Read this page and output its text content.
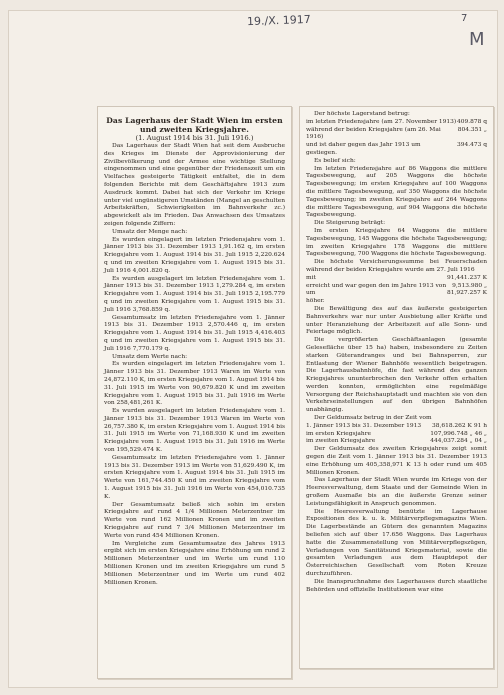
19./X. 1917	7
M
Das Lagerhaus der Stadt Wien im ersten und zweiten Kriegsjahre.
(1. August 1914 bis 31. Juli 1916.)

Das Lagerhaus der Stadt Wien hat seit dem Ausbruche des Krieges im Dienste der Approvisionierung der Zivilbevölkerung und der Armee eine wichtige Stellung eingenommen und eine gegenüber der Friedenszeit um ein Vielfaches gesteigerte Tätigkeit entfaltet, die in dem folgenden Berichte mit dem Geschäftsjahre 1913 zum Ausdruck kommt. Dabei hat sich der Verkehr im Kriege unter viel ungünstigeren Umständen (Mangel an geschulten Arbeitskräften, Schwierigkeiten im Bahnverkehr zc.) abgewickelt als im Frieden. Das Anwachsen des Umsatzes zeigen folgende Ziffern:

Umsatz der Menge nach:

Es wurden eingelagert im letzten Friedensjahre vom 1. Jänner 1913 bis 31. Dezember 1913 1,91.162 q, im ersten Kriegsjahre vom 1. August 1914 bis 31. Juli 1915 2,220.624 q und im zweiten Kriegsjahre vom 1. August 1915 bis 31. Juli 1916 4,001.820 q.

Es wurden ausgelagert im letzten Friedensjahre vom 1. Jänner 1913 bis 31. Dezember 1913 1,279.284 q, im ersten Kriegsjahre vom 1. August 1914 bis 31. Juli 1915 2,195.779 q und im zweiten Kriegsjahre vom 1. August 1915 bis 31. Juli 1916 3,768.859 q.

Gesamtumsatz im letzten Friedensjahre vom 1. Jänner 1913 bis 31. Dezember 1913 2,570.446 q, im ersten Kriegsjahre vom 1. August 1914 bis 31. Juli 1915 4,416.403 q und im zweiten Kriegsjahre vom 1. August 1915 bis 31. Juli 1916 7,770.179 q.

Umsatz dem Werte nach:

Es wurden eingelagert im letzten Friedensjahre vom 1. Jänner 1913 bis 31. Dezember 1913 Waren im Werte von 24,872.110 K, im ersten Kriegsjahre vom 1. August 1914 bis 31. Juli 1915 im Werte von 90,679.820 K und im zweiten Kriegsjahre vom 1. August 1915 bis 31. Juli 1916 im Werte von 258,481,261 K.

Es wurden ausgelagert im letzten Friedensjahre vom 1. Jänner 1913 bis 31. Dezember 1913 Waren im Werte von 26,757.380 K, im ersten Kriegsjahre vom 1. August 1914 bis 31. Juli 1915 im Werte von 71,168.930 K und im zweiten Kriegsjahre vom 1. August 1915 bis 31. Juli 1916 im Werte von 195,529.474 K.

Gesamtumsatz im letzten Friedensjahre vom 1. Jänner 1913 bis 31. Dezember 1913 im Werte von 51,629.490 K, im ersten Kriegsjahre vom 1. August 1914 bis 31. Juli 1915 im Werte von 161,744.450 K und im zweiten Kriegsjahre vom 1. August 1915 bis 31. Juli 1916 im Werte von 454,010.735 K.

Der Gesamtumsatz beließ sich sohin im ersten Kriegsjahre auf rund 4 1/4 Millionen Meterzentner im Werte von rund 162 Millionen Kronen und im zweiten Kriegsjahre auf rund 7 3/4 Millionen Meterzentner im Werte von rund 454 Millionen Kronen.

Im Vergleiche zum Gesamtumsatze des Jahres 1913 ergibt sich im ersten Kriegsjahre eine Erhöhung um rund 2 Millionen Meterzentner und im Werte um rund 110 Millionen Kronen und im zweiten Kriegsjahre um rund 5 Millionen Meterzentner und im Werte um rund 402 Millionen Kronen.

Der höchste Lagerstand betrug:

im letzten Friedensjahre (am 27. November 1913) 409.878 q
während der beiden Kriegsjahre (am 26. Mai 1916)
804.351 „
und ist daher gegen das Jahr 1913 um	394.473 q
gestiegen.

Es belief sich:

Im letzten Friedensjahre auf 86 Waggons die mittlere Tagesbewegung, auf 205 Waggons die höchste Tagesbewegung; im ersten Kriegsjahre auf 100 Waggons die mittlere Tagesbewegung, auf 350 Waggons die höchste Tagesbewegung; im zweiten Kriegsjahre auf 264 Waggons die mittlere Tagesbewegung, auf 904 Waggons die höchste Tagesbewegung.

Die Steigerung beträgt:

Im ersten Kriegsjahre 64 Waggons die mittlere Tagesbewegung, 145 Waggons die höchste Tagesbewegung; im zweiten Kriegsjahre 178 Waggons die mittlere Tagesbewegung, 700 Waggons die höchste Tagesbewegung.

Die höchste Versicherungssumme bei Feuerschaden während der beiden Kriegsjahre wurde am 27. Juli 1916

mit	91,441.237 K
erreicht und war gegen den im Jahre 1913 von 9,513.980 „
um	81,927.257 K
höher.

Die Bewältigung des auf das äußerste gesteigerten Bahnverkehrs war nur unter Ausbietung aller Kräfte und unter Heranziehung der Arbeitszeit auf alle Sonn- und Feiertage möglich.

Die vergrößerten Geschäftsanlagen (gesamte Gelesefläche über 15 ha) haben, insbesondere zu Zeiten starken Güterandranges und bei Bahnsperren, zur Entlastung der Wiener Bahnhöfe wesentlich beigetragen. Die Lagerhausbahnhöfe, die fast während des ganzen Kriegsjahres ununterbrochen den Verkehr offen erhalten werden konnten, ermöglichten eine regelmäßige Versorgung der Reichshauptstadt und machten sie von den Verkehrseinstellungen auf den übrigen Bahnhöfen unabhängig.

Der Geldumsatz betrug in der Zeit vom

1. Jänner 1913 bis 31. Dezember 1913 38,618.262 K 91 h
im ersten Kriegsjahre	107,996.748 „ 46 „
im zweiten Kriegsjahre	444,037.284 „ 04 „

Der Geldumsatz des zweiten Kriegsjahres zeigt somit gegen die Zeit vom 1. Jänner 1913 bis 31. Dezember 1913 eine Erhöhung um 405,358,971 K 13 h oder rund um 405 Millionen Kronen.

Das Lagerhaus der Stadt Wien wurde im Kriege von der Heeresverwaltung, dem Staate und der Gemeinde Wien in großem Ausmaße bis an die äußerste Grenze seiner Leistungsfähigkeit in Anspruch genommen.

Die Heeresverwaltung benützte im Lagerhause Expositionen des k. u. k. Militärverpflegsmagazins Wien. Die Lagerbestände an Gütern des genannten Magazins beliefen sich auf über 17.656 Waggons. Das Lagerhaus hatte die Zusammenstellung von Militärverpflegszügen, Verladungen von Sanitätsund Kriegsmaterial, sowie die gesamten Verladungen aus dem Hauptdepot der Österreichischen Gesellschaft vom Roten Kreuze durchzuführen.

Die Inanspruchnahme des Lagerhauses durch staatliche Behörden und offizielle Institutionen war eine
